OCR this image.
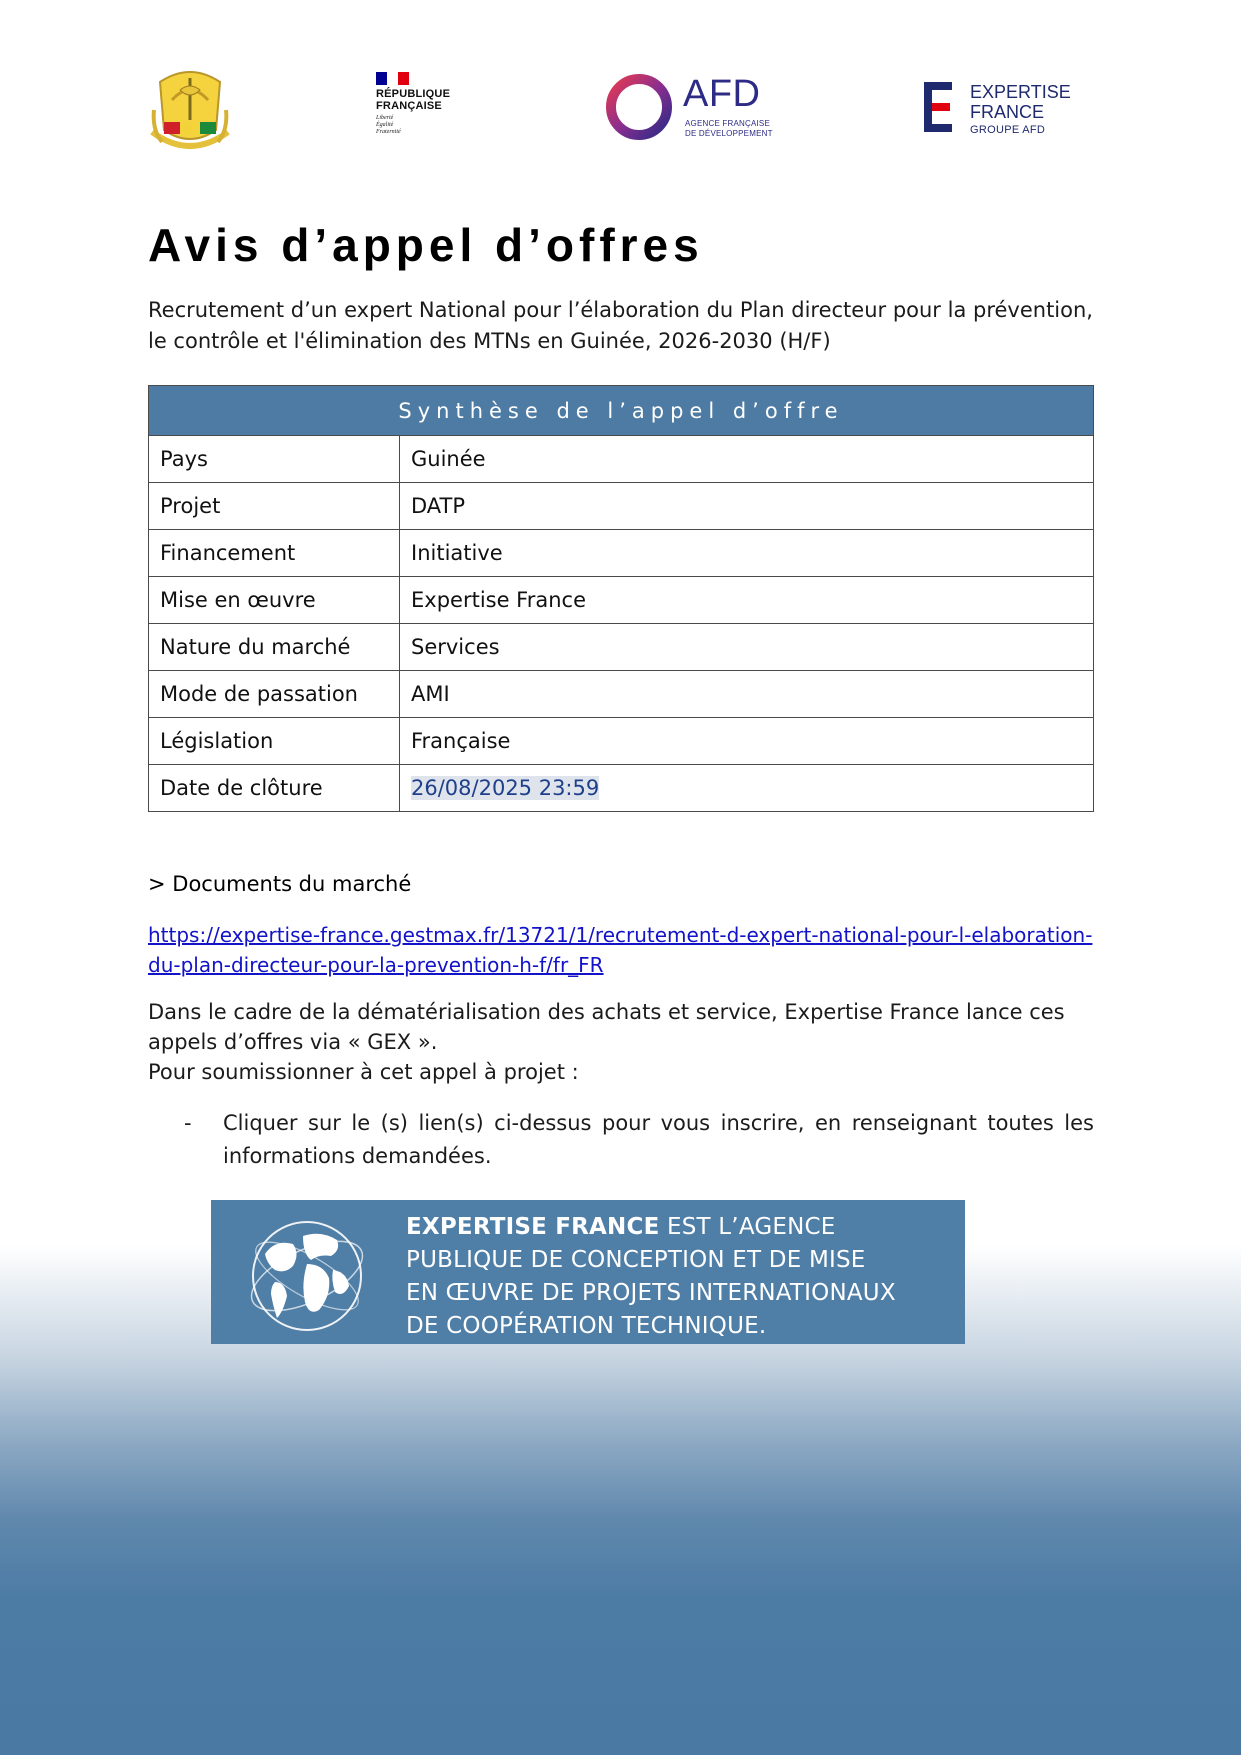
RÉPUBLIQUE
FRANÇAISE
Liberté
Égalité
Fraternité
AFD
AGENCE FRANÇAISE
DE DÉVELOPPEMENT
EXPERTISE
FRANCE
GROUPE AFD
Avis d’appel d’offres

Recrutement d’un expert National pour l’élaboration du Plan directeur pour la prévention, le contrôle et l'élimination des MTNs en Guinée, 2026-2030 (H/F)

Synthèse de l’appel d’offre	
Pays	Guinée
Projet	DATP
Financement	Initiative
Mise en œuvre	Expertise France
Nature du marché	Services
Mode de passation	AMI
Législation	Française
Date de clôture	26/08/2025 23:59

> Documents du marché

https://expertise-france.gestmax.fr/13721/1/recrutement-d-expert-national-pour-l-elaboration-du-plan-directeur-pour-la-prevention-h-f/fr_FR

Dans le cadre de la dématérialisation des achats et service, Expertise France lance ces appels d’offres via « GEX ».

Pour soumissionner à cet appel à projet :

- Cliquer sur le (s) lien(s) ci-dessus pour vous inscrire, en renseignant toutes les informations demandées.
EXPERTISE FRANCE EST L’AGENCE
PUBLIQUE DE CONCEPTION ET DE MISE
EN ŒUVRE DE PROJETS INTERNATIONAUX
DE COOPÉRATION TECHNIQUE.
